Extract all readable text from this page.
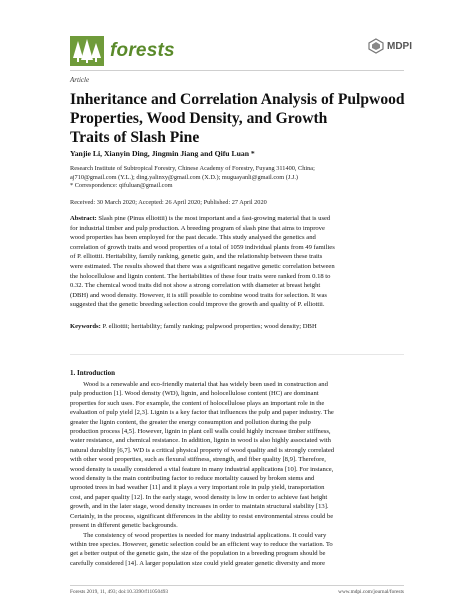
forests	MDPI
Article
Inheritance and Correlation Analysis of Pulpwood
Properties, Wood Density, and Growth
Traits of Slash Pine
Yanjie Li, Xianyin Ding, Jingmin Jiang and Qifu Luan *
Research Institute of Subtropical Forestry, Chinese Academy of Forestry, Fuyang 311400, China;
aj710@gmail.com (Y.L.); ding.yalinxy@gmail.com (X.D.); muguayanli@gmail.com (J.J.)
* Correspondence: qifuluan@gmail.com
Received: 30 March 2020; Accepted: 26 April 2020; Published: 27 April 2020
Abstract: Slash pine (Pinus elliottii) is the most important and a fast-growing material that is used
for industrial timber and pulp production. A breeding program of slash pine that aims to improve
wood properties has been employed for the past decade. This study analysed the genetics and
correlation of growth traits and wood properties of a total of 1059 individual plants from 49 families
of P. elliottii. Heritability, family ranking, genetic gain, and the relationship between these traits
were estimated. The results showed that there was a significant negative genetic correlation between
the holocellulose and lignin content. The heritabilities of these four traits were ranked from 0.18 to
0.32. The chemical wood traits did not show a strong correlation with diameter at breast height
(DBH) and wood density. However, it is still possible to combine wood traits for selection. It was
suggested that the genetic breeding selection could improve the growth and quality of P. elliottii.
Keywords: P. elliottii; heritability; family ranking; pulpwood properties; wood density; DBH
1. Introduction
Wood is a renewable and eco-friendly material that has widely been used in construction and
pulp production [1]. Wood density (WD), lignin, and holocellulose content (HC) are dominant
properties for such uses. For example, the content of holocellulose plays an important role in the
evaluation of pulp yield [2,3]. Lignin is a key factor that influences the pulp and paper industry. The
greater the lignin content, the greater the energy consumption and pollution during the pulp
production process [4,5]. However, lignin in plant cell walls could highly increase timber stiffness,
water resistance, and chemical resistance. In addition, lignin in wood is also highly associated with
natural durability [6,7]. WD is a critical physical property of wood quality and is strongly correlated
with other wood properties, such as flexural stiffness, strength, and fiber quality [8,9]. Therefore,
wood density is usually considered a vital feature in many industrial applications [10]. For instance,
wood density is the main contributing factor to reduce mortality caused by broken stems and
uprooted trees in bad weather [11] and it plays a very important role in pulp yield, transportation
cost, and paper quality [12]. In the early stage, wood density is low in order to achieve fast height
growth, and in the later stage, wood density increases in order to maintain structural stability [13].
Certainly, in the process, significant differences in the ability to resist environmental stress could be
present in different genetic backgrounds.
The consistency of wood properties is needed for many industrial applications. It could vary
within tree species. However, genetic selection could be an efficient way to reduce the variation. To
get a better output of the genetic gain, the size of the population in a breeding program should be
carefully considered [14]. A larger population size could yield greater genetic diversity and more
Forests 2019, 11, 493; doi:10.3390/f11050493	www.mdpi.com/journal/forests
